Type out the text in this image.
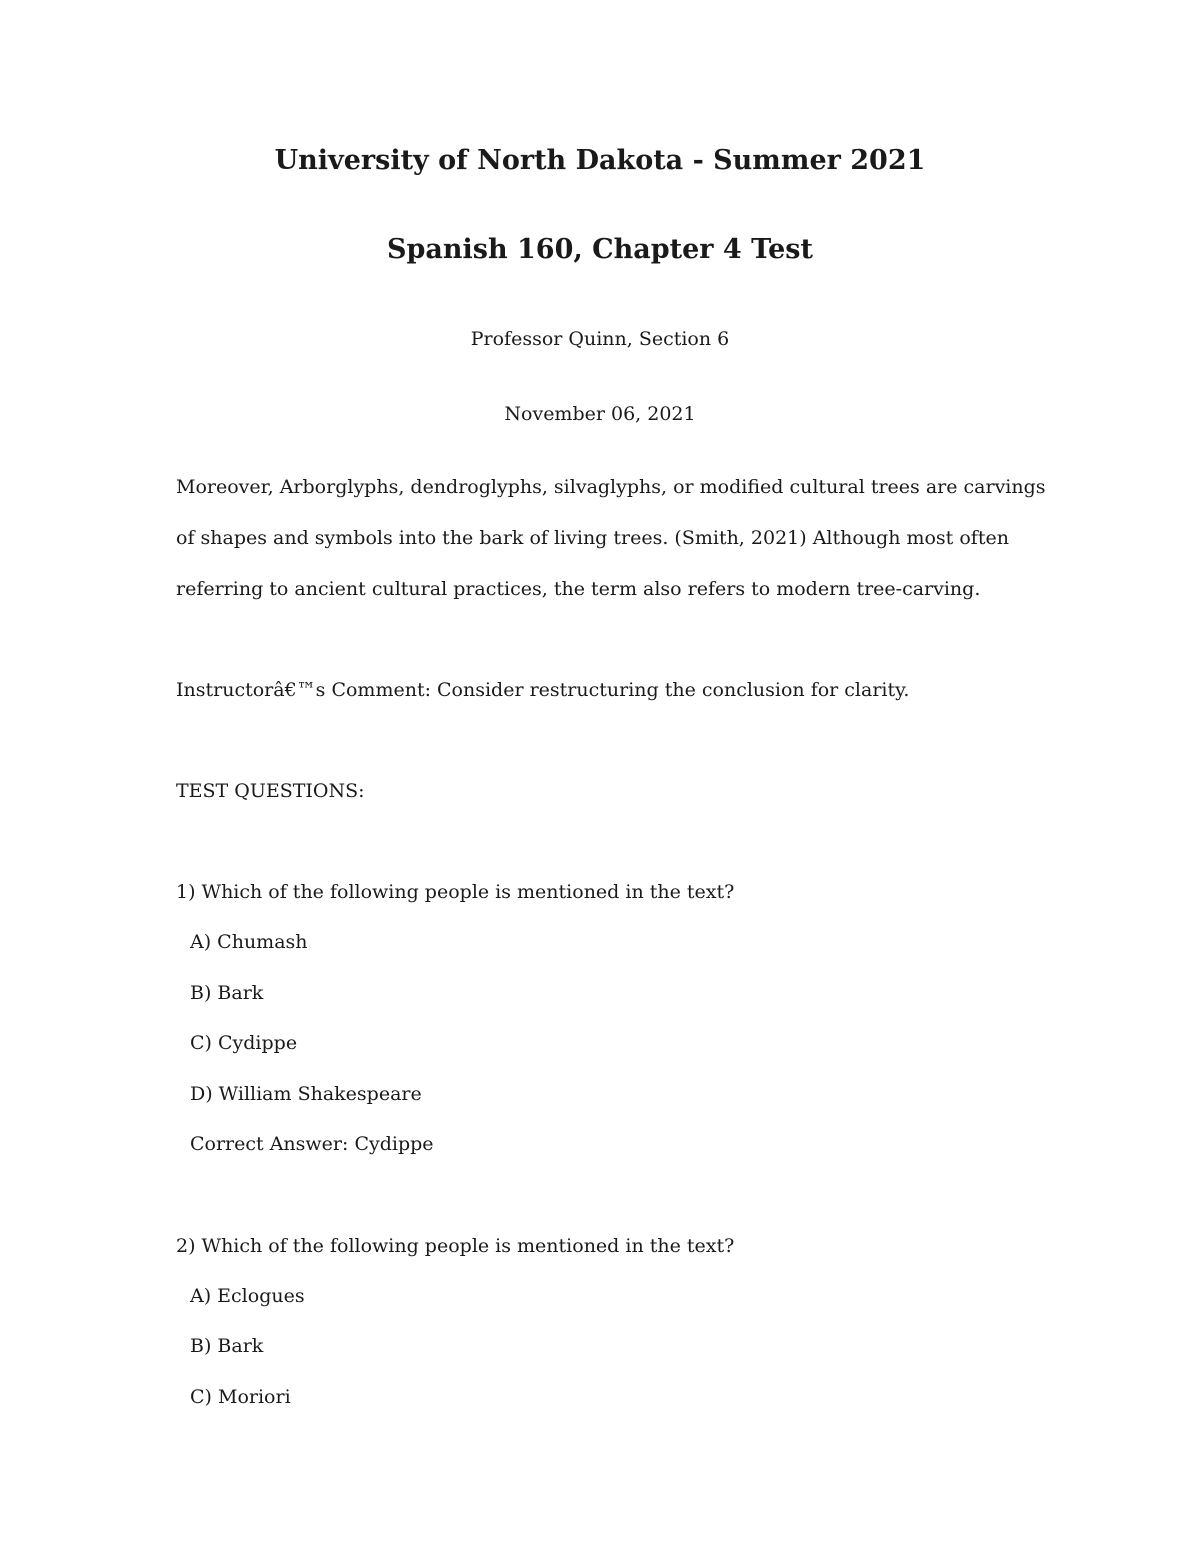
University of North Dakota - Summer 2021
Spanish 160, Chapter 4 Test
Professor Quinn, Section 6
November 06, 2021
Moreover, Arborglyphs, dendroglyphs, silvaglyphs, or modified cultural trees are carvings
of shapes and symbols into the bark of living trees. (Smith, 2021) Although most often
referring to ancient cultural practices, the term also refers to modern tree-carving.
Instructorâ€™s Comment: Consider restructuring the conclusion for clarity.
TEST QUESTIONS:
1) Which of the following people is mentioned in the text?
A) Chumash
B) Bark
C) Cydippe
D) William Shakespeare
Correct Answer: Cydippe
2) Which of the following people is mentioned in the text?
A) Eclogues
B) Bark
C) Moriori
